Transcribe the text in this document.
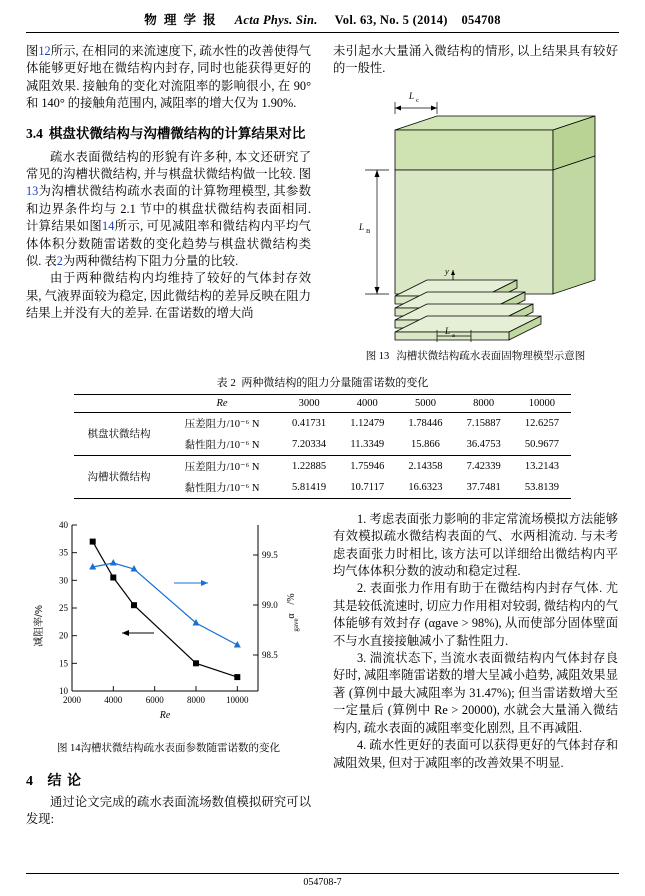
物 理 学 报 Acta Phys. Sin. Vol. 63, No. 5 (2014) 054708

图12所示, 在相同的来流速度下, 疏水性的改善使得气体能够更好地在微结构内封存, 同时也能获得更好的减阻效果. 接触角的变化对流阻率的影响很小, 在 90° 和 140° 的接触角范围内, 减阻率的增大仅为 1.90%.

3.4 棋盘状微结构与沟槽微结构的计算结果对比

疏水表面微结构的形貌有许多种, 本文还研究了常见的沟槽状微结构, 并与棋盘状微结构做一比较. 图13为沟槽状微结构疏水表面的计算物理模型, 其参数和边界条件均与 2.1 节中的棋盘状微结构表面相同. 计算结果如图14所示, 可见减阻率和微结构内平均气体体积分数随雷诺数的变化趋势与棋盘状微结构类似. 表2为两种微结构下阻力分量的比较.

由于两种微结构内均维持了较好的气体封存效果, 气液界面较为稳定, 因此微结构的差异反映在阻力结果上并没有大的差异. 在雷诺数的增大尚

未引起水大量涌入微结构的情形, 以上结果具有较好的一般性.

L c
L B
y
L a
图 13 沟槽状微结构疏水表面固物理模型示意图
表 2 两种微结构的阻力分量随雷诺数的变化
	Re	3000	4000	5000	8000	10000
棋盘状微结构	压差阻力/10⁻⁶ N	0.41731	1.12479	1.78446	7.15887	12.6257
	黏性阻力/10⁻⁶ N	7.20334	11.3349	15.866	36.4753	50.9677
沟槽状微结构	压差阻力/10⁻⁶ N	1.22885	1.75946	2.14358	7.42339	13.2143
	黏性阻力/10⁻⁶ N	5.81419	10.7117	16.6323	37.7481	53.8139
10
15
20
25
30
35
40
2000	4000	6000	8000 10000
99.5
99.0
98.5
Re
减阻率/%	α
gave
/%
图 14沟槽状微结构疏水表面参数随雷诺数的变化
4 结 论

通过论文完成的疏水表面流场数值模拟研究可以发现:

1. 考虑表面张力影响的非定常流场模拟方法能够有效模拟疏水微结构表面的气、水两相流动. 与未考虑表面张力时相比, 该方法可以详细给出微结构内平均气体体积分数的波动和稳定过程.

2. 表面张力作用有助于在微结构内封存气体. 尤其是较低流速时, 切应力作用相对较弱, 微结构内的气体能够有效封存 (αgave > 98%), 从而使部分固体壁面不与水直接接触减小了黏性阻力.

3. 湍流状态下, 当流水表面微结构内气体封存良好时, 减阻率随雷诺数的增大呈减小趋势, 减阻效果显著 (算例中最大减阻率为 31.47%); 但当雷诺数增大至一定量后 (算例中 Re > 20000), 水就会大量涌入微结构内, 疏水表面的减阻率变化剧烈, 且不再减阻.

4. 疏水性更好的表面可以获得更好的气体封存和减阻效果, 但对于减阻率的改善效果不明显.

054708-7
